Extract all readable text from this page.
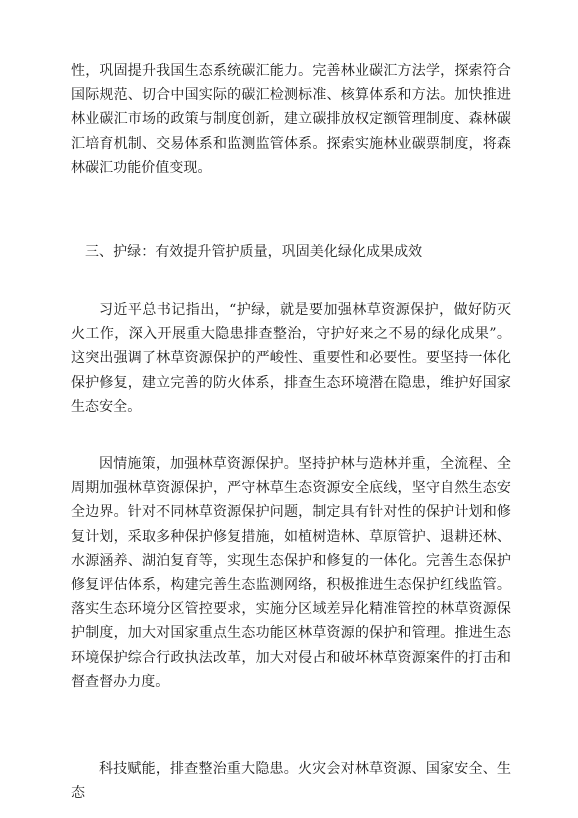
性，巩固提升我国生态系统碳汇能力。完善林业碳汇方法学，探索符合国际规范、切合中国实际的碳汇检测标准、核算体系和方法。加快推进林业碳汇市场的政策与制度创新，建立碳排放权定额管理制度、森林碳汇培育机制、交易体系和监测监管体系。探索实施林业碳票制度，将森林碳汇功能价值变现。

三、护绿：有效提升管护质量，巩固美化绿化成果成效

习近平总书记指出，“护绿，就是要加强林草资源保护，做好防灭火工作，深入开展重大隐患排查整治，守护好来之不易的绿化成果”。这突出强调了林草资源保护的严峻性、重要性和必要性。要坚持一体化保护修复，建立完善的防火体系，排查生态环境潜在隐患，维护好国家生态安全。

因情施策，加强林草资源保护。坚持护林与造林并重，全流程、全周期加强林草资源保护，严守林草生态资源安全底线，坚守自然生态安全边界。针对不同林草资源保护问题，制定具有针对性的保护计划和修复计划，采取多种保护修复措施，如植树造林、草原管护、退耕还林、水源涵养、湖泊复育等，实现生态保护和修复的一体化。完善生态保护修复评估体系，构建完善生态监测网络，积极推进生态保护红线监管。落实生态环境分区管控要求，实施分区域差异化精准管控的林草资源保护制度，加大对国家重点生态功能区林草资源的保护和管理。推进生态环境保护综合行政执法改革，加大对侵占和破坏林草资源案件的打击和督查督办力度。

科技赋能，排查整治重大隐患。火灾会对林草资源、国家安全、生态
